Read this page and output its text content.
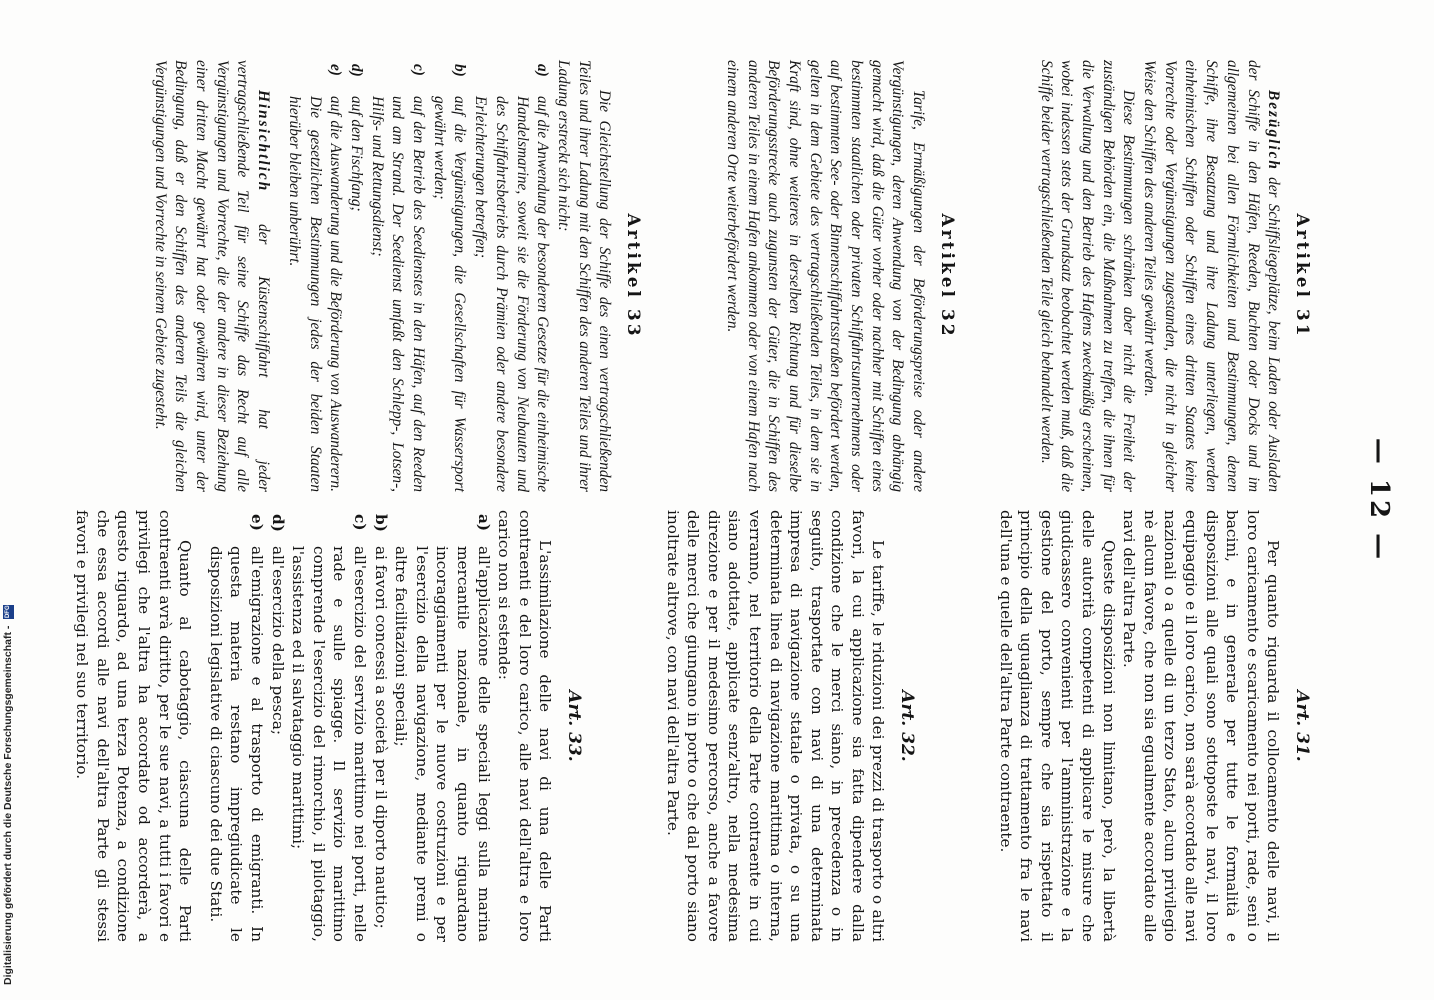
— 12 —
Artikel 31

Bezüglich der Schiffsliegeplätze, beim Laden oder Ausladen der Schiffe in den Häfen, Reeden, Buchten oder Docks und im allgemeinen bei allen Förmlichkeiten und Bestimmungen, denen Schiffe, ihre Besatzung und ihre Ladung unterliegen, werden einheimischen Schiffen oder Schiffen eines dritten Staates keine Vorrechte oder Vergünstigungen zugestanden, die nicht in gleicher Weise den Schiffen des anderen Teiles gewährt werden.

Diese Bestimmungen schränken aber nicht die Freiheit der zuständigen Behörden ein, die Maßnahmen zu treffen, die ihnen für die Verwaltung und den Betrieb des Hafens zweckmäßig erscheinen, wobei indessen stets der Grundsatz beobachtet werden muß, daß die Schiffe beider vertragschließenden Teile gleich behandelt werden.

Artikel 32

Tarife, Ermäßigungen der Beförderungspreise oder andere Vergünstigungen, deren Anwendung von der Bedingung abhängig gemacht wird, daß die Güter vorher oder nachher mit Schiffen eines bestimmten staatlichen oder privaten Schiffahrtsunternehmens oder auf bestimmten See- oder Binnenschiffahrtsstraßen befördert werden, gelten in dem Gebiete des vertragschließenden Teiles, in dem sie in Kraft sind, ohne weiteres in derselben Richtung und für dieselbe Beförderungsstrecke auch zugunsten der Güter, die in Schiffen des anderen Teiles in einem Hafen ankommen oder von einem Hafen nach einem anderen Orte weiterbefördert werden.

Artikel 33

Die Gleichstellung der Schiffe des einen vertragschließenden Teiles und ihrer Ladung mit den Schiffen des anderen Teiles und ihrer Ladung erstreckt sich nicht:

a)
auf die Anwendung der besonderen Gesetze für die einheimische Handelsmarine, soweit sie die Förderung von Neubauten und des Schiffahrtsbetriebs durch Prämien oder andere besondere Erleichterungen betreffen;
b)
auf die Vergünstigungen, die Gesellschaften für Wassersport gewährt werden;
c)
auf den Betrieb des Seedienstes in den Häfen, auf den Reeden und am Strand. Der Seedienst umfaßt den Schlepp-, Lotsen-, Hilfs- und Rettungsdienst;
d)
auf den Fischfang;
e)
auf die Auswanderung und die Beförderung von Auswanderern. Die gesetzlichen Bestimmungen jedes der beiden Staaten hierüber bleiben unberührt.

Hinsichtlich der Küstenschiffahrt hat jeder vertragschließende Teil für seine Schiffe das Recht auf alle Vergünstigungen und Vorrechte, die der andere in dieser Beziehung einer dritten Macht gewährt hat oder gewähren wird, unter der Bedingung, daß er den Schiffen des anderen Teils die gleichen Vergünstigungen und Vorrechte in seinem Gebiete zugesteht.

Art. 31.

Per quanto riguarda il collocamento delle navi, il loro caricamento e scaricamento nei porti, rade, seni o bacini, e in generale per tutte le formalità e disposizioni alle quali sono sottoposte le navi, il loro equipaggio e il loro carico, non sarà accordato alle navi nazionali o a quelle di un terzo Stato, alcun privilegio nè alcun favore, che non sia egualmente accordato alle navi dell'altra Parte.

Queste disposizioni non limitano, però, la libertà delle autorità competenti di applicare le misure che giudicassero convenienti per l'amministrazione e la gestione del porto, sempre che sia rispettato il principio della uguaglianza di trattamento fra le navi dell'una e quelle dell'altra Parte contraente.

Art. 32.

Le tariffe, le riduzioni dei prezzi di trasporto o altri favori, la cui applicazione sia fatta dipendere dalla condizione che le merci siano, in precedenza o in seguito, trasportate con navi di una determinata impresa di navigazione statale o privata, o su una determinata linea di navigazione marittima o interna, verranno, nel territorio della Parte contraente in cui siano adottate, applicate senz'altro, nella medesima direzione e per il medesimo percorso, anche a favore delle merci che giungano in porto o che dal porto siano inoltrate altrove, con navi dell'altra Parte.

Art. 33.

L'assimilazione delle navi di una delle Parti contraenti e del loro carico, alle navi dell'altra e loro carico non si estende:

a)
all'applicazione delle speciali leggi sulla marina mercantile nazionale, in quanto riguardano incoraggiamenti per le nuove costruzioni e per l'esercizio della navigazione, mediante premi o altre facilitazioni speciali;
b)
ai favori concessi a società per il diporto nautico;
c)
all'esercizio del servizio marittimo nei porti, nelle rade e sulle spiagge. Il servizio marittimo comprende l'esercizio del rimorchio, il pilotaggio, l'assistenza ed il salvataggio marittimi;
d)
all'esercizio della pesca;
e)
all'emigrazione e al trasporto di emigranti. In questa materia restano impregiudicate le disposizioni legislative di ciascuno dei due Stati.

Quanto al cabotaggio, ciascuna delle Parti contraenti avrà diritto, per le sue navi, a tutti i favori e privilegi che l'altra ha accordato od accorderà, a questo riguardo, ad una terza Potenza, a condizione che essa accordi alle navi dell'altra Parte gli stessi favori e privilegi nel suo territorio.

Digitalisierung gefördert durch die Deutsche Forschungsgemeinschaft - DFG
